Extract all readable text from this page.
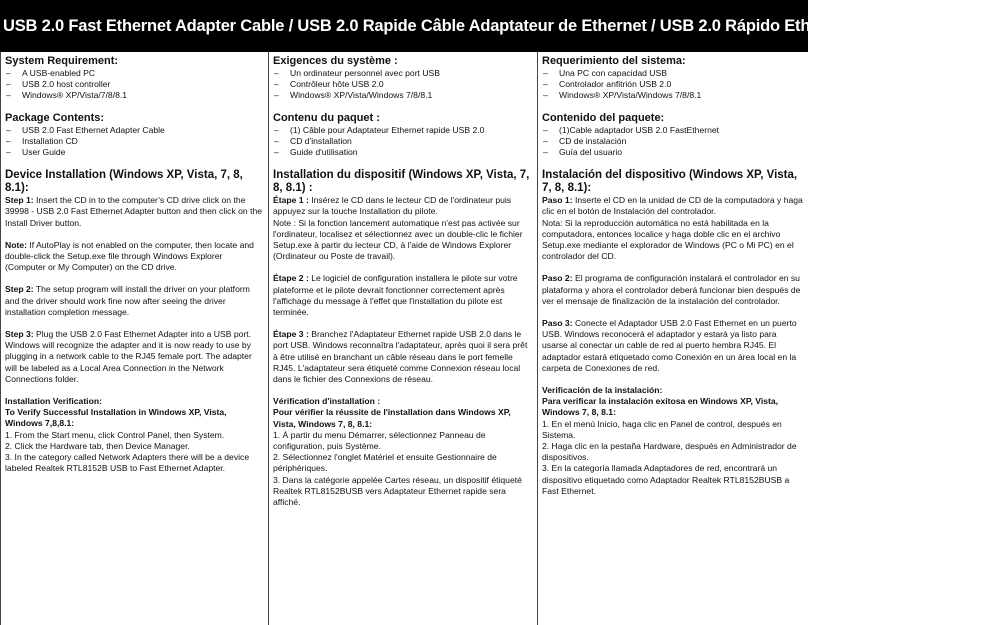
USB 2.0 Fast Ethernet Adapter Cable / USB 2.0 Rapide Câble Adaptateur de Ethernet / USB 2.0 Rápido Ethernet Cable Adaptador
System Requirement:
– A USB-enabled PC
– USB 2.0 host controller
– Windows® XP/Vista/7/8/8.1
Package Contents:
– USB 2.0 Fast Ethernet Adapter Cable
– Installation CD
– User Guide
Device Installation (Windows XP, Vista, 7, 8, 8.1):

Step 1: Insert the CD in to the computer’s CD drive click on the 39998 - USB 2.0 Fast Ethernet Adapter button and then click on the Install Driver button.

Note: If AutoPlay is not enabled on the computer, then locate and double-click the Setup.exe file through Windows Explorer (Computer or My Computer) on the CD drive.

Step 2: The setup program will install the driver on your platform and the driver should work fine now after seeing the driver installation completion message.

Step 3: Plug the USB 2.0 Fast Ethernet Adapter into a USB port. Windows will recognize the adapter and it is now ready to use by plugging in a network cable to the RJ45 female port. The adapter will be labeled as a Local Area Connection in the Network Connections folder.

Installation Verification:

To Verify Successful Installation in Windows XP, Vista, Windows 7,8,8.1:

1. From the Start menu, click Control Panel, then System.

2. Click the Hardware tab, then Device Manager.

3. In the category called Network Adapters there will be a device labeled Realtek RTL8152B USB to Fast Ethernet Adapter.

Exigences du système :
– Un ordinateur personnel avec port USB
– Contrôleur hôte USB 2.0
– Windows® XP/Vista/Windows 7/8/8.1
Contenu du paquet :
– (1) Câble pour Adaptateur Ethernet rapide USB 2.0
– CD d'installation
– Guide d'utilisation
Installation du dispositif (Windows XP, Vista, 7, 8, 8.1) :

Étape 1 : Insérez le CD dans le lecteur CD de l'ordinateur puis appuyez sur la touche Installation du pilote.

Note : Si la fonction lancement automatique n'est pas activée sur l'ordinateur, localisez et sélectionnez avec un double-clic le fichier Setup.exe à partir du lecteur CD, à l'aide de Windows Explorer (Ordinateur ou Poste de travail).

Étape 2 : Le logiciel de configuration installera le pilote sur votre plateforme et le pilote devrait fonctionner correctement après l'affichage du message à l'effet que l'installation du pilote est terminée.

Étape 3 : Branchez l'Adaptateur Ethernet rapide USB 2.0 dans le port USB. Windows reconnaîtra l'adaptateur, après quoi il sera prêt à être utilisé en branchant un câble réseau dans le port femelle RJ45. L'adaptateur sera étiqueté comme Connexion réseau local dans le fichier des Connexions de réseau.

Vérification d'installation :

Pour vérifier la réussite de l'installation dans Windows XP, Vista, Windows 7, 8, 8.1:

1. À partir du menu Démarrer, sélectionnez Panneau de configuration, puis Système.

2. Sélectionnez l'onglet Matériel et ensuite Gestionnaire de périphériques.

3. Dans la catégorie appelée Cartes réseau, un dispositif étiqueté Realtek RTL8152BUSB vers Adaptateur Ethernet rapide sera affiché.

Requerimiento del sistema:
– Una PC con capacidad USB
– Controlador anfitrión USB 2.0
– Windows® XP/Vista/Windows 7/8/8.1
Contenido del paquete:
– (1)Cable adaptador USB 2.0 FastEthernet
– CD de instalación
– Guía del usuario
Instalación del dispositivo (Windows XP, Vista, 7, 8, 8.1):

Paso 1: Inserte el CD en la unidad de CD de la computadora y haga clic en el botón de Instalación del controlador.

Nota: Si la reproducción automática no está habilitada en la computadora, entonces localice y haga doble clic en el archivo Setup.exe mediante el explorador de Windows (PC o Mi PC) en el controlador del CD.

Paso 2: El programa de configuración instalará el controlador en su plataforma y ahora el controlador deberá funcionar bien después de ver el mensaje de finalización de la instalación del controlador.

Paso 3: Conecte el Adaptador USB 2.0 Fast Ethernet en un puerto USB. Windows reconocerá el adaptador y estará ya listo para usarse al conectar un cable de red al puerto hembra RJ45. El adaptador estará etiquetado como Conexión en un área local en la carpeta de Conexiones de red.

Verificación de la instalación:

Para verificar la instalación exitosa en Windows XP, Vista, Windows 7, 8, 8.1:

1. En el menú Inicio, haga clic en Panel de control, después en Sistema.

2. Haga clic en la pestaña Hardware, después en Administrador de dispositivos.

3. En la categoría llamada Adaptadores de red, encontrará un dispositivo etiquetado como Adaptador Realtek RTL8152BUSB a Fast Ethernet.
